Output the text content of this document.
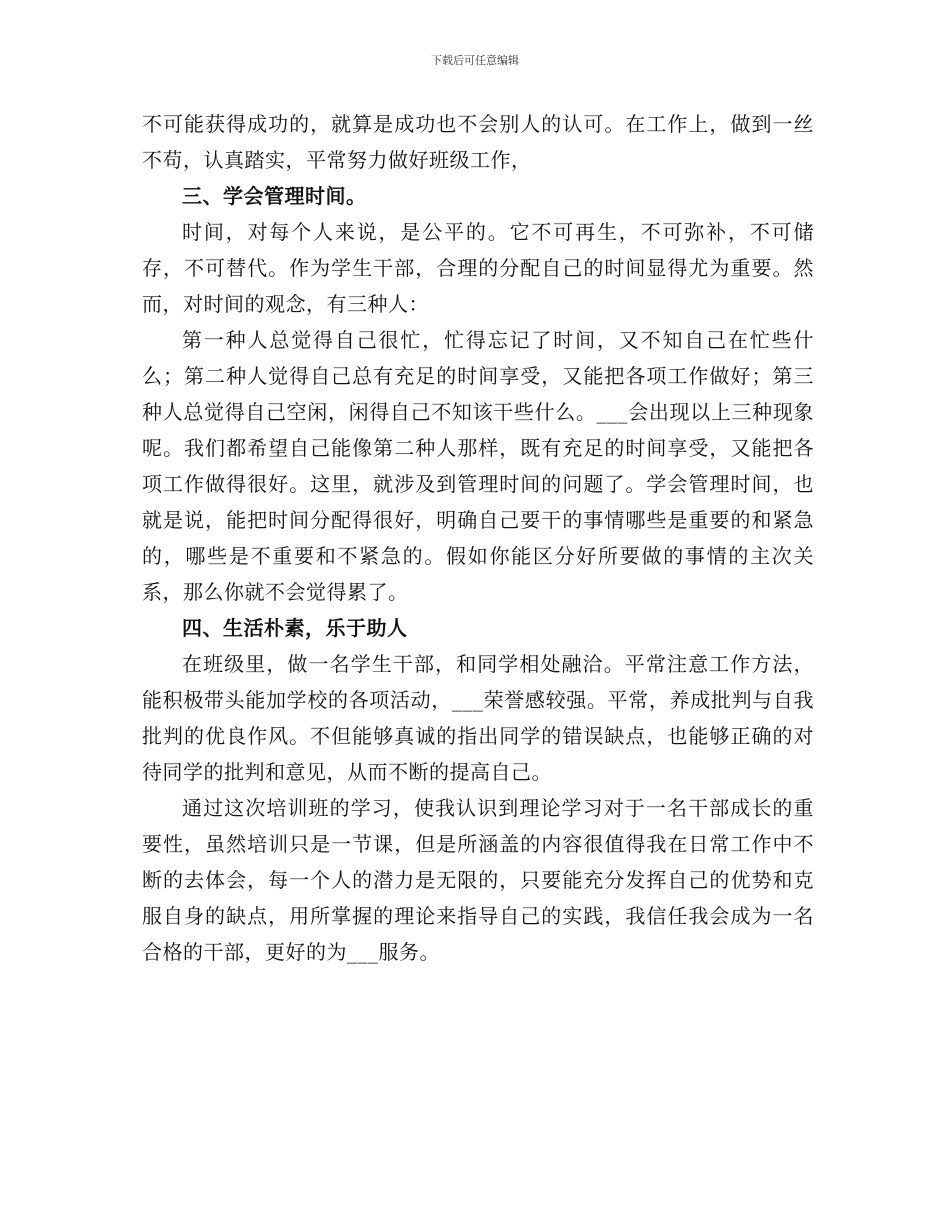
下载后可任意编辑

不可能获得成功的，就算是成功也不会别人的认可。在工作上，做到一丝不苟，认真踏实，平常努力做好班级工作，

三、学会管理时间。

时间，对每个人来说，是公平的。它不可再生，不可弥补，不可储存，不可替代。作为学生干部，合理的分配自己的时间显得尤为重要。然而，对时间的观念，有三种人：

第一种人总觉得自己很忙，忙得忘记了时间，又不知自己在忙些什么；第二种人觉得自己总有充足的时间享受，又能把各项工作做好；第三种人总觉得自己空闲，闲得自己不知该干些什么。___会出现以上三种现象呢。我们都希望自己能像第二种人那样，既有充足的时间享受，又能把各项工作做得很好。这里，就涉及到管理时间的问题了。学会管理时间，也就是说，能把时间分配得很好，明确自己要干的事情哪些是重要的和紧急的，哪些是不重要和不紧急的。假如你能区分好所要做的事情的主次关系，那么你就不会觉得累了。

四、生活朴素，乐于助人

在班级里，做一名学生干部，和同学相处融洽。平常注意工作方法，能积极带头能加学校的各项活动，___荣誉感较强。平常，养成批判与自我批判的优良作风。不但能够真诚的指出同学的错误缺点，也能够正确的对待同学的批判和意见，从而不断的提高自己。

通过这次培训班的学习，使我认识到理论学习对于一名干部成长的重要性，虽然培训只是一节课，但是所涵盖的内容很值得我在日常工作中不断的去体会，每一个人的潜力是无限的，只要能充分发挥自己的优势和克服自身的缺点，用所掌握的理论来指导自己的实践，我信任我会成为一名合格的干部，更好的为___服务。
